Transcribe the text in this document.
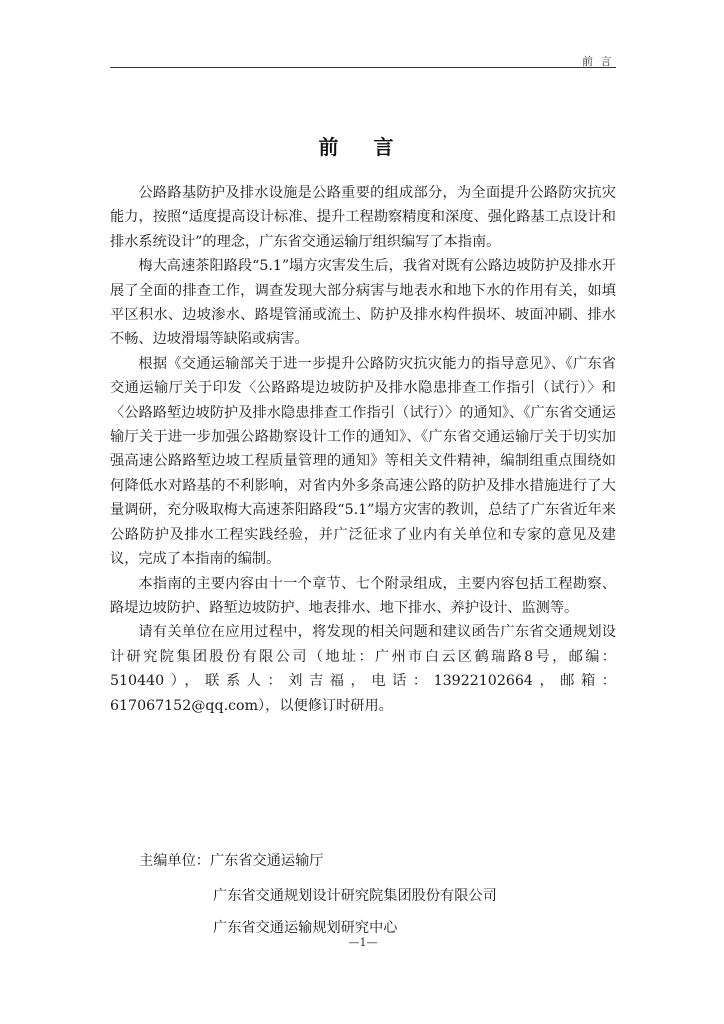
前 言
前 言

公路路基防护及排水设施是公路重要的组成部分，为全面提升公路防灾抗灾能力，按照“适度提高设计标准、提升工程勘察精度和深度、强化路基工点设计和排水系统设计”的理念，广东省交通运输厅组织编写了本指南。

梅大高速茶阳路段“5.1”塌方灾害发生后，我省对既有公路边坡防护及排水开展了全面的排查工作，调查发现大部分病害与地表水和地下水的作用有关，如填平区积水、边坡渗水、路堤管涌或流土、防护及排水构件损坏、坡面冲刷、排水不畅、边坡滑塌等缺陷或病害。

根据《交通运输部关于进一步提升公路防灾抗灾能力的指导意见》、《广东省交通运输厅关于印发〈公路路堤边坡防护及排水隐患排查工作指引（试行）〉和〈公路路堑边坡防护及排水隐患排查工作指引（试行）〉的通知》、《广东省交通运输厅关于进一步加强公路勘察设计工作的通知》、《广东省交通运输厅关于切实加强高速公路路堑边坡工程质量管理的通知》等相关文件精神，编制组重点围绕如何降低水对路基的不利影响，对省内外多条高速公路的防护及排水措施进行了大量调研，充分吸取梅大高速茶阳路段“5.1”塌方灾害的教训，总结了广东省近年来公路防护及排水工程实践经验，并广泛征求了业内有关单位和专家的意见及建议，完成了本指南的编制。

本指南的主要内容由十一个章节、七个附录组成，主要内容包括工程勘察、路堤边坡防护、路堑边坡防护、地表排水、地下排水、养护设计、监测等。

请有关单位在应用过程中，将发现的相关问题和建议函告广东省交通规划设计研究院集团股份有限公司（地址：广州市白云区鹤瑞路8号，邮编：510440），联系人：刘吉福，电话：13922102664，邮箱：617067152@qq.com），以便修订时研用。

主编单位：广东省交通运输厅
广东省交通规划设计研究院集团股份有限公司
广东省交通运输规划研究中心
—1—
